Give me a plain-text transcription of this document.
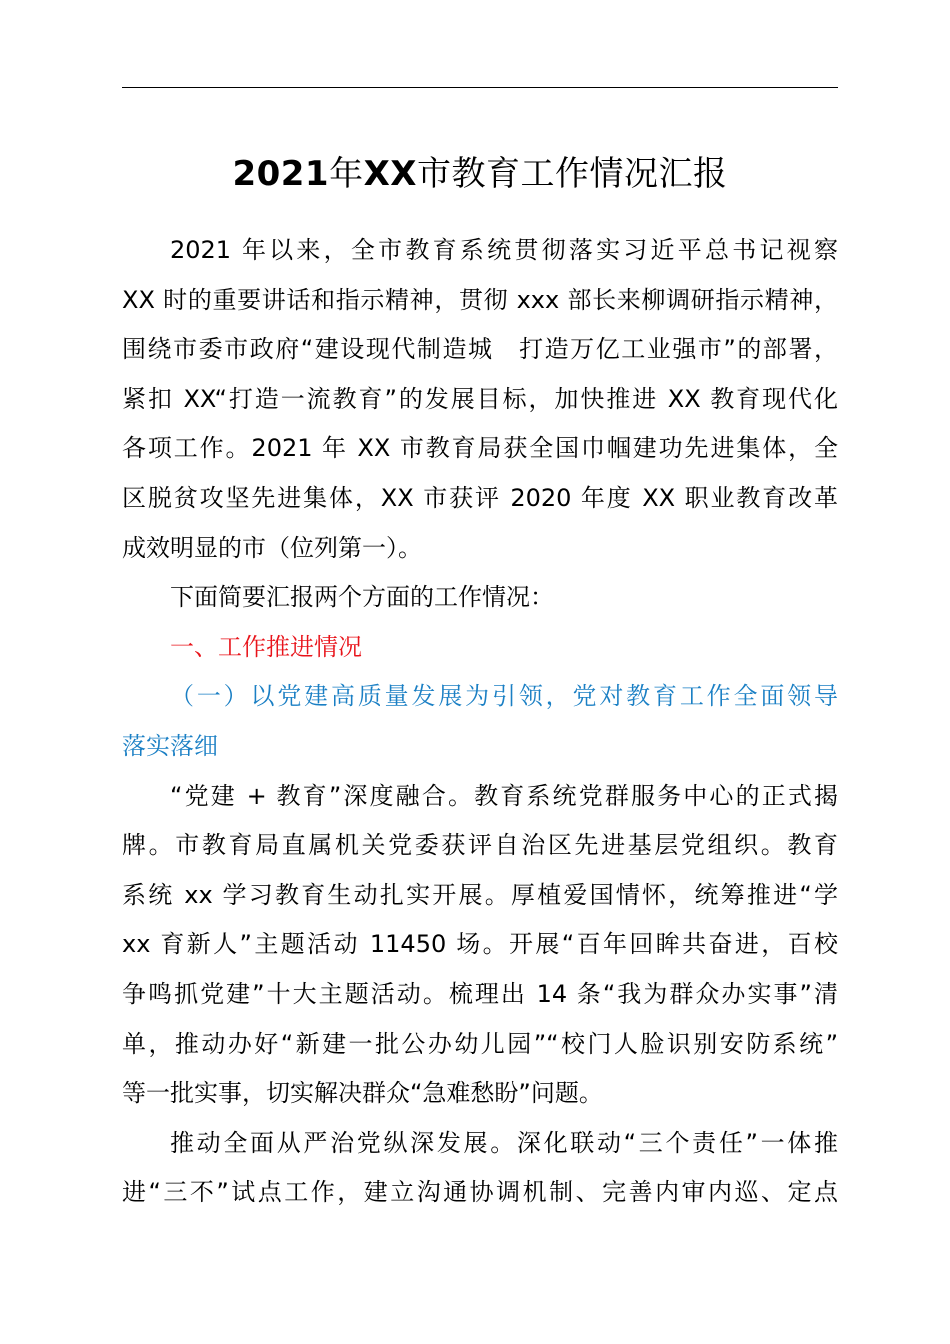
2021年XX市教育工作情况汇报

2021 年以来，全市教育系统贯彻落实习近平总书记视察
XX 时的重要讲话和指示精神，贯彻 xxx 部长来柳调研指示精神，
围绕市委市政府“建设现代制造城　打造万亿工业强市”的部署，
紧扣 XX“打造一流教育”的发展目标，加快推进 XX 教育现代化
各项工作。2021 年 XX 市教育局获全国巾帼建功先进集体，全
区脱贫攻坚先进集体，XX 市获评 2020 年度 XX 职业教育改革
成效明显的市（位列第一）。

下面简要汇报两个方面的工作情况：

一、工作推进情况

（一）以党建高质量发展为引领，党对教育工作全面领导
落实落细

“党建 + 教育”深度融合。教育系统党群服务中心的正式揭
牌。市教育局直属机关党委获评自治区先进基层党组织。教育
系统 xx 学习教育生动扎实开展。厚植爱国情怀，统筹推进“学
xx 育新人”主题活动 11450 场。开展“百年回眸共奋进，百校
争鸣抓党建”十大主题活动。梳理出 14 条“我为群众办实事”清
单，推动办好“新建一批公办幼儿园”“校门人脸识别安防系统”
等一批实事，切实解决群众“急难愁盼”问题。

推动全面从严治党纵深发展。深化联动“三个责任”一体推
进“三不”试点工作，建立沟通协调机制、完善内审内巡、定点
